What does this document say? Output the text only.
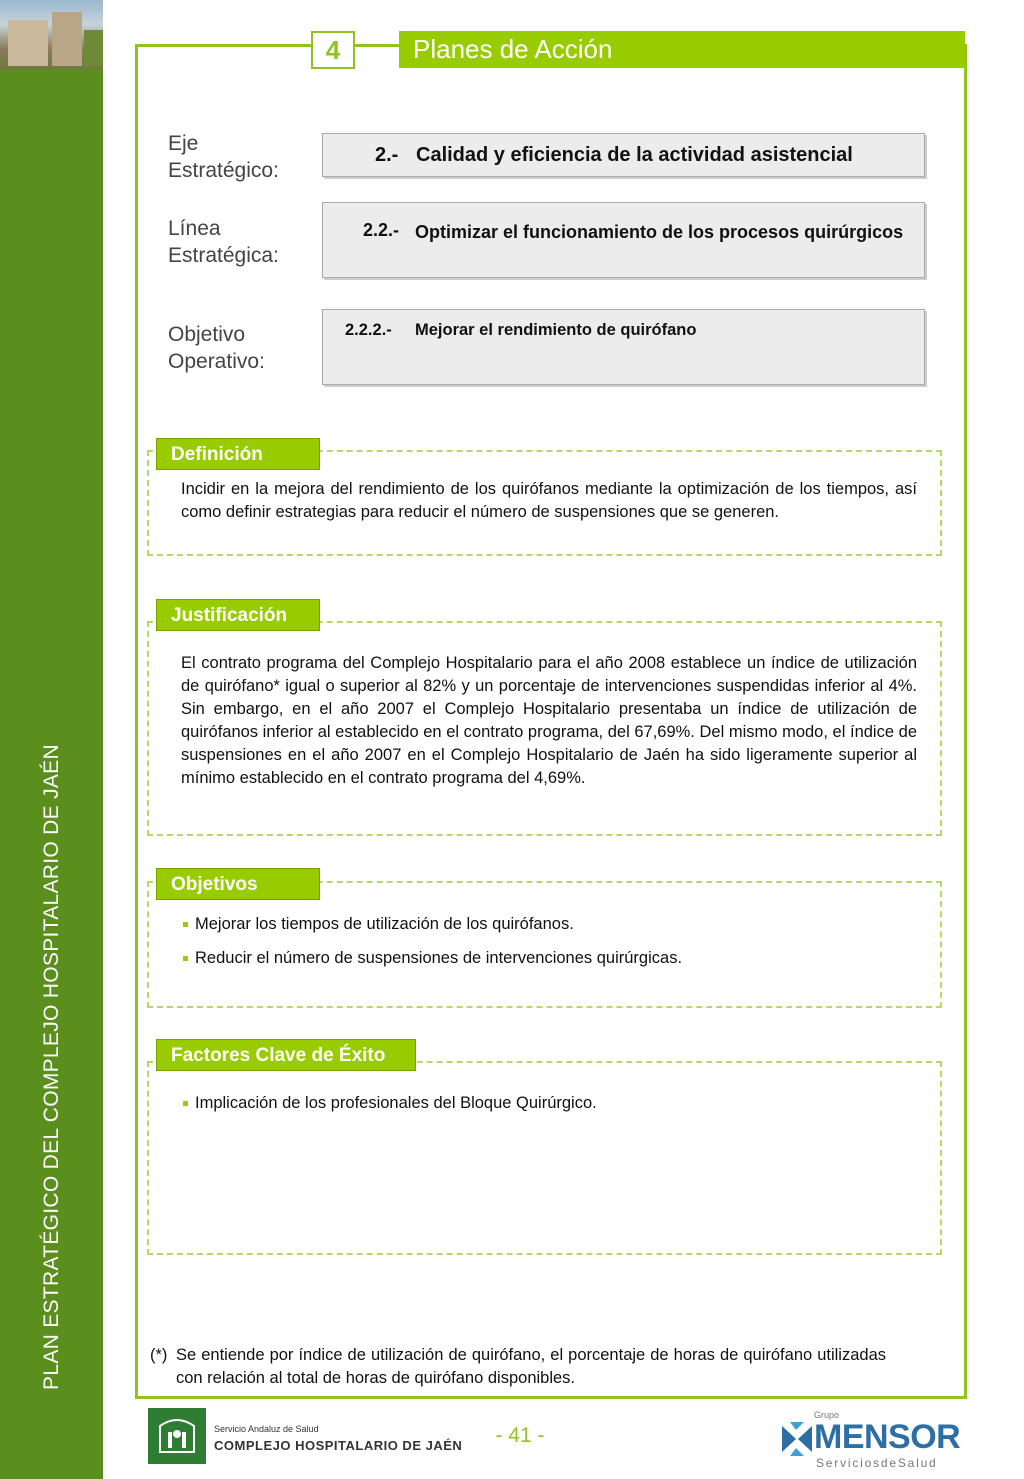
PLAN ESTRATÉGICO DEL COMPLEJO HOSPITALARIO DE JAÉN
4	Planes de Acción
Eje
Estratégico:
2.- Calidad y eficiencia de la actividad asistencial
Línea
Estratégica:
2.2.- Optimizar el funcionamiento de los procesos quirúrgicos
Objetivo
Operativo:
2.2.2.- Mejorar el rendimiento de quirófano
Definición
Incidir en la mejora del rendimiento de los quirófanos mediante la optimización de los tiempos, así como definir estrategias para reducir el número de suspensiones que se generen.
Justificación
El contrato programa del Complejo Hospitalario para el año 2008 establece un índice de utilización de quirófano* igual o superior al 82% y un porcentaje de intervenciones suspendidas inferior al 4%. Sin embargo, en el año 2007 el Complejo Hospitalario presentaba un índice de utilización de quirófanos inferior al establecido en el contrato programa, del 67,69%. Del mismo modo, el índice de suspensiones en el año 2007 en el Complejo Hospitalario de Jaén ha sido ligeramente superior al mínimo establecido en el contrato programa del 4,69%.
Objetivos
Mejorar los tiempos de utilización de los quirófanos.
Reducir el número de suspensiones de intervenciones quirúrgicas.
Factores Clave de Éxito
Implicación de los profesionales del Bloque Quirúrgico.
(*) Se entiende por índice de utilización de quirófano, el porcentaje de horas de quirófano utilizadas con relación al total de horas de quirófano disponibles.
Servicio Andaluz de Salud
COMPLEJO HOSPITALARIO DE JAÉN	- 41 -
Grupo
MENSOR
ServiciosdeSalud
